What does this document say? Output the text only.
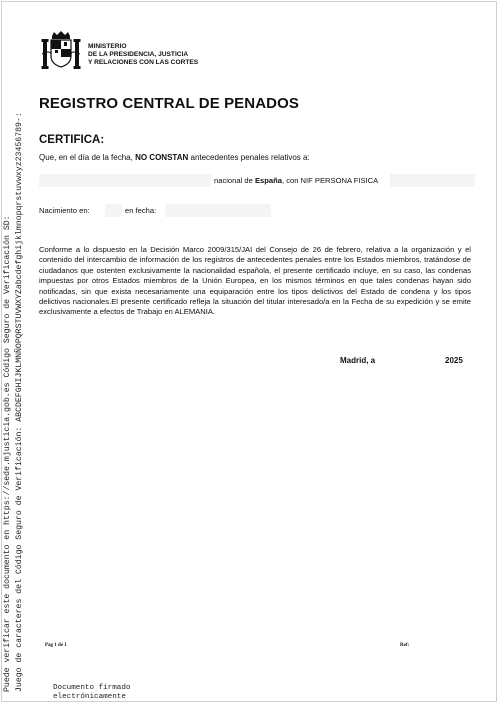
Puede verificar este documento en https://sede.mjusticia.gob.es Código Seguro de Verificación SD: Juego de caracteres del Código Seguro de Verificación: ABCDEFGHIJKLMNÑOPQRSTUVWXYZabcdefghijklmnopqrstuvwxyz23456789-:
MINISTERIO
DE LA PRESIDENCIA, JUSTICIA
Y RELACIONES CON LAS CORTES
REGISTRO CENTRAL DE PENADOS
CERTIFICA:
Que, en el día de la fecha, NO CONSTAN antecedentes penales relativos a:
nacional de España, con NIF PERSONA FISICA
Nacimiento en:	en fecha:
Conforme a lo dispuesto en la Decisión Marco 2009/315/JAI del Consejo de 26 de febrero, relativa a la organización y el contenido del intercambio de información de los registros de antecedentes penales entre los Estados miembros, tratándose de ciudadanos que ostenten exclusivamente la nacionalidad española, el presente certificado incluye, en su caso, las condenas impuestas por otros Estados miembros de la Unión Europea, en los mismos términos en que tales condenas hayan sido notificadas, sin que exista necesariamente una equiparación entre los tipos delictivos del Estado de condena y los tipos delictivos nacionales.El presente certificado refleja la situación del titular interesado/a en la Fecha de su expedición y se emite exclusivamente a efectos de Trabajo en ALEMANIA.
Madrid, a	2025
Pag 1 de 1	Ref:
Documento firmado
electrónicamente
